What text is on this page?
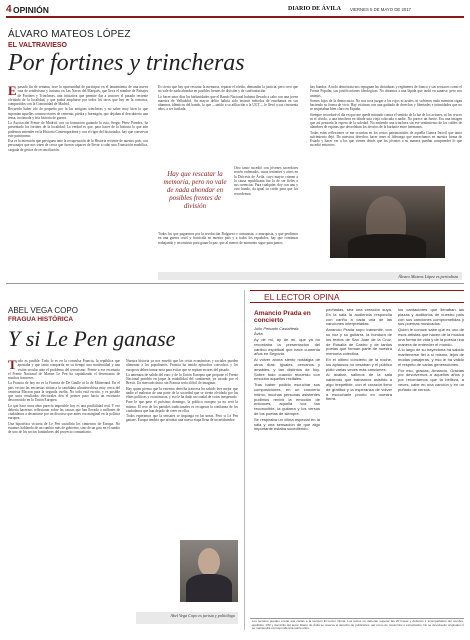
4 OPINIÓN	DIARIO DE ÁVILA VIERNES 5 DE MAYO DE 2017
ÁLVARO MATEOS LÓPEZ
EL VALTRAVIESO
Por fortines y trincheras
E pasado fin de semana, tuve la oportunidad de participar en el lanzamiento de una nueva ruta de senderismo y turismo en Las Navas del Marqués, que lleva el nombre de Paisajes de Fortines y Trincheras, una iniciativa que permite dar a conocer el pasado reciente olvidado de la localidad, y que podrá ampliarse por todos los otros que hay en la comarca, compartidos con la Comunidad de Madrid.

Recuerdo haber ido de pequeño por la las antiguas trincheras y no saber muy bien lo que suponían aquellas construcciones de cemento, piedra y hormigón, que dejaban al descubierto una tensa, incómoda y fría historia de guerra.

La Asociación Frente de Madrid, con su formación guiando la ruta, Sergio Pérez Paredes, ha presentado los fortines de la localidad. La verdad es que, para hacer de la historia lo que aún podemos entender en la Historia Contemporánea y con el rigor del historiador, hay que conservar este patrimonio.

Esa es la intención que persiguen ante la recuperación de la Historia reciente de nuestro país, con personajes que nos traen de cerca que fueron capaces de llevar a cabo una Transición modélica, cargada de gestos de reconciliación.

Es cierto que hay que rescatar la memoria, reparar el olvido, demandar la justicia, pero creo que no vale de nada ahondar en posibles frentes de división y de confrontación.

Lo hacer unos días las barbaridades que el Bando Nacional hubiera llevado a cabo con una joven maestra de Valladolid. Su mayor delito habría sido instruir métodos de enseñanza en sus alumnos, idénticos del bando, lo que —unido a su afiliación a la UGT— le llevó a sus cincuenta años, a ser fusilada.

Hay que rescatar la memoria, pero no vale de nada ahondar en posibles frentes de división

Otro tanto sucedió con jóvenes sacerdotes recién ordenados, curas tenientes y otros en la Diócesis de Ávila, cuyo mayor crimen a la causa republicana fue la de ser fieles a sus creencias. Para cualquier, doy con uno y otro bando, da igual su credo para que los recordemos.

Todos los que paguemos por la revolución Bolguera o comunista, o anarquista, y que perdimos en una guerra cruel y fratricida en nuestro país y a todos los españoles, hay que continuar trabajando y reconstruir para ganar la paz, que al menos de momento sigue para juntos.

hay bandos. A todo demócrata nos repugnan las dictaduras y regímenes de franco y sus secuaces como el Frente Popular, sus justificaciones ideológicas. No abramos a una lápida que tardó en sanarse, pero nos unimos.

Somos hijos de la democracia. No nos toca juzgar a los rojos ni azules, ni sufrimos nada mientras sigan haciendo su forma de vivir. Hay víctimas con una guiñada de derechos y libertades e intimidades que no se respetaban bien claro en España.

Siempre recordaré el día en que me quedé mirando contra el sentido de la luz de los aviones, ni los cruces ni el olvido, a una trinchera en dónde una vieja colocada a nadie. No parece un fuerte. Era una imagen que así pensaría la espera de la soledad. No entiendo una trinchera sin ese sentimiento de los cables de alambres de espinas que desvelaban los desvíos de la barbarie entre hermanos.

Todas estas reflexiones se me ocurrían en los restos patrimoniales de aquella Guerra Incivil que tanto sufrimiento dejó. De nuestros derechos hacer tener el liderazgo que merecíamos en nuestra forma de Estado y hacer ver a los que vienen detrás que los jóvenes a su manera puedan comprender lo que sucedió entonces.

Álvaro Mateos López es periodista
ABEL VEGA COPO
FRAGUA HISTÓRICA
Y si Le Pen ganase
T odo es posible. Todo lo es en la convulsa Francia, la república que apostaba y que tanto compartía en su tiempo una modernidad y una visión secular ante el problema del terrorismo. Frente a ese escenario el Frente Nacional de Marine Le Pen ha capitalizado el desencanto de muchos franceses.

La Francia de hoy no es la Francia de De Gaulle ni la de Mitterrand. En el país vecino las encuestas sitúan a la candidata ultraderechista muy cerca del centrista Macron para la segunda vuelta. No todo está escrito, y es posible que unos resultados electorales den el primer paso hacia un escenario desconocido en la Unión Europea.

Lo que hace unos años parecía imposible hoy es una posibilidad real. Y eso debería hacernos reflexionar sobre las causas que han llevado a millones de ciudadanos a decantarse por un discurso que antes era marginal en la política europea.

Una hipotética victoria de Le Pen sacudiría los cimientos de Europa. No estamos hablando de un cambio más de gobierno, sino de un giro en el rumbo de uno de los socios fundadores del proyecto comunitario.

Nuestra historia ya nos enseñó que las crisis económicas y sociales pueden alimentar a los populismos. Francia ha tenido episodios convulsos y los europeos deben tomar nota para evitar que se repitan errores del pasado.

La amenaza de salida del euro y de la Unión Europea que propone el Frente Nacional pondría en jaque la estabilidad del continente, ya tocado por el Brexit. Un mercado único sin Francia sería difícil de imaginar.

Hay quien piensa que la extrema derecha francesa ha sabido leer mejor que nadie el malestar de una parte de la sociedad que se siente olvidada por las élites políticas y económicas, y eso le ha dado un caudal de votos inesperado.

Pase lo que pase el próximo domingo, la política europea ya no será la misma. El reto de los partidos tradicionales es recuperar la confianza de los ciudadanos que han dejado de creer en ellos.

Todos esperamos que la sensatez se imponga en las urnas. Pero si Le Pen ganase, Europa tendría que afrontar una nueva etapa llena de incertidumbre.

Abel Vega Copo es jurista y politólogo
EL LECTOR OPINA
Amancio Prada en concierto
Julio Peinado Castañeda
Ávila

Ay de mí, ay de mí, que ya no recordaba la presentación del cántico espiritual que hace cuarenta años en Segovia.

Al volver ahora siento nostalgia de otros días: iguales, cercanos y amables, y tan distintos de hoy. Sobre todo cuando recuerdo con emoción aquellos recitales.

Tras haber podido escuchar sus composiciones, en un concierto íntimo, muchas personas asistentes pudimos revivir la emoción de entonces, aquella voz tan reconocible, la guitarra y los versos de los poetas de siempre.

Se respiraba un clima especial en la sala y una sensación de que algo importante estaba sucediendo.

pechadas, sea una creación suya. En la sala la audiencia respondía con cariño a cada una de las canciones interpretadas.

Amancio Prada supo transmitir, con su voz y su guitarra, la hondura de los textos de San Juan de la Cruz, de Rosalía de Castro y de tantos poetas que forman parte de nuestra memoria colectiva.

En el último concierto de la noche, los aplausos no cesaban y el público pidió varias veces más canciones.

Al acabar, salimos de la sala sabiendo que habíamos asistido a algo irrepetible, con el corazón lleno de gratitud y la esperanza de volver a escucharle pronto en nuestra tierra.

los cantautores que llenaban las plazas y auditorios de nuestro país con sus canciones comprometidas y sus poemas musicados.

Quien le conoce sabe que es uno de esos artistas que hacen de la música una forma de vida y de la poesía una manera de entender el mundo.

A lo largo de su trayectoria ha sabido mantenerse fiel a sí mismo, lejos de modas pasajeras, y eso le ha valido el respeto de varias generaciones.

Por eso, gracias, Amancio. Gracias por devolvernos a aquellos años y por recordarnos que la belleza, a veces, cabe en una canción y en un puñado de versos.

Los lectores pueden enviar sus cartas a la sección El Lector Opina. Los textos no deberán superar las 20 líneas y deberán ir acompañados del nombre, apellidos, DNI y domicilio del autor. Diario de Ávila se reserva el derecho de publicarlos, así como de resumirlos o extractarlos. No se devolverán originales ni se mantendrá correspondencia sobre ellos.
